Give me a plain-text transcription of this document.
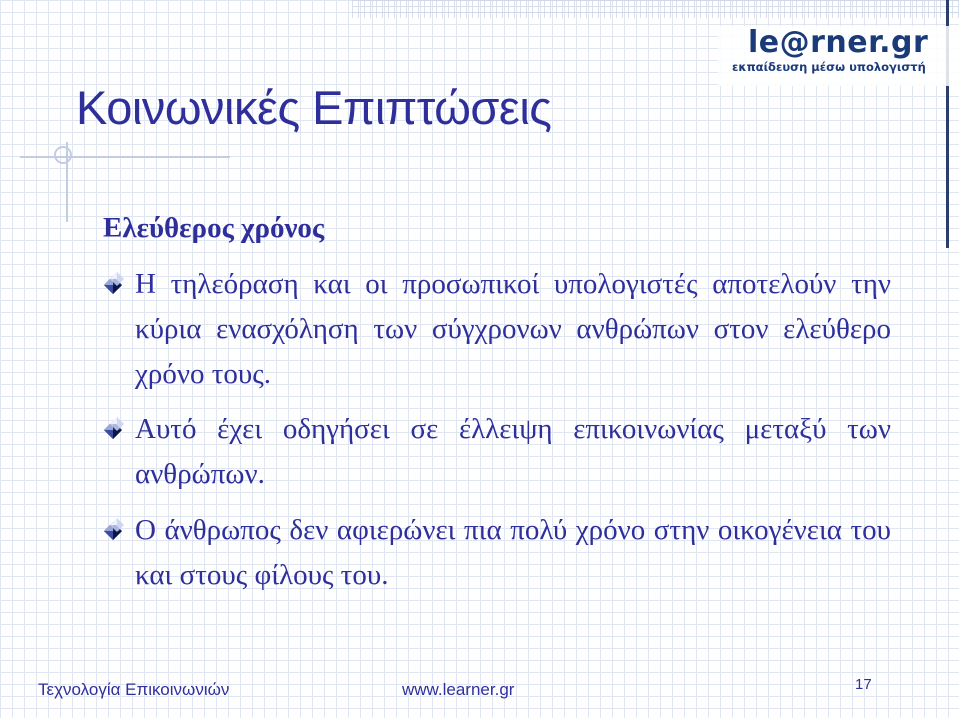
le@rner.gr
εκπαίδευση μέσω υπολογιστή
Κοινωνικές Επιπτώσεις
Ελεύθερος χρόνος
Η τηλεόραση και οι προσωπικοί υπολογιστές αποτελούν την κύρια ενασχόληση των σύγχρονων ανθρώπων στον ελεύθερο χρόνο τους.
Αυτό έχει οδηγήσει σε έλλειψη επικοινωνίας μεταξύ των ανθρώπων.
Ο άνθρωπος δεν αφιερώνει πια πολύ χρόνο στην οικογένεια του και στους φίλους του.
Τεχνολογία Επικοινωνιών	www.learner.gr	17
